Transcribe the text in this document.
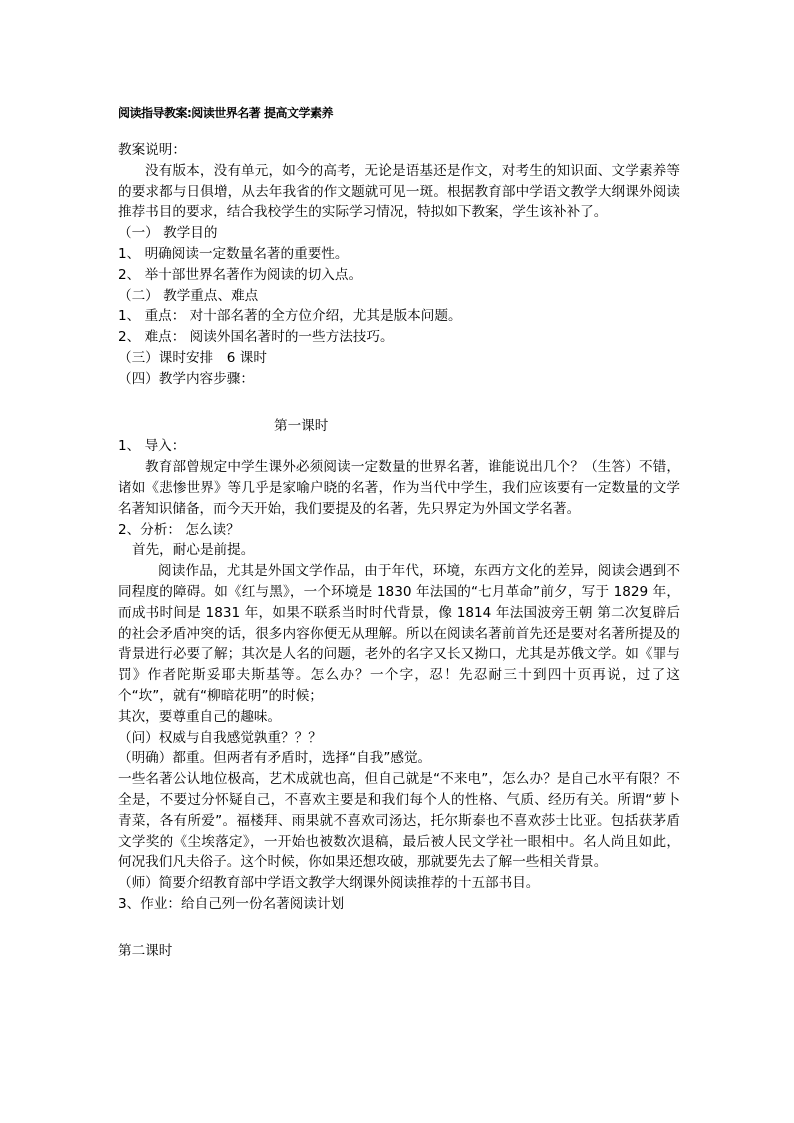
阅读指导教案:阅读世界名著 提高文学素养

教案说明：

没有版本，没有单元，如今的高考，无论是语基还是作文，对考生的知识面、文学素养等的要求都与日俱增，从去年我省的作文题就可见一斑。根据教育部中学语文教学大纲课外阅读推荐书目的要求，结合我校学生的实际学习情况，特拟如下教案，学生该补补了。

（一） 教学目的

1、 明确阅读一定数量名著的重要性。

2、 举十部世界名著作为阅读的切入点。

（二） 教学重点、难点

1、 重点： 对十部名著的全方位介绍，尤其是版本问题。

2、 难点： 阅读外国名著时的一些方法技巧。

（三）课时安排　6 课时

（四）教学内容步骤：

第一课时

1、 导入：

教育部曾规定中学生课外必须阅读一定数量的世界名著，谁能说出几个？（生答）不错，诸如《悲惨世界》等几乎是家喻户晓的名著，作为当代中学生，我们应该要有一定数量的文学名著知识储备，而今天开始，我们要提及的名著，先只界定为外国文学名著。

2、分析： 怎么读？

首先，耐心是前提。

阅读作品，尤其是外国文学作品，由于年代，环境，东西方文化的差异，阅读会遇到不同程度的障碍。如《红与黑》，一个环境是 1830 年法国的“七月革命”前夕，写于 1829 年，而成书时间是 1831 年，如果不联系当时时代背景，像 1814 年法国波旁王朝 第二次复辟后的社会矛盾冲突的话，很多内容你便无从理解。所以在阅读名著前首先还是要对名著所提及的背景进行必要了解；其次是人名的问题，老外的名字又长又拗口，尤其是苏俄文学。如《罪与罚》作者陀斯妥耶夫斯基等。怎么办？一个字，忍！先忍耐三十到四十页再说，过了这个“坎”，就有“柳暗花明”的时候；

其次，要尊重自己的趣味。

（问）权威与自我感觉孰重？？？

（明确）都重。但两者有矛盾时，选择“自我”感觉。

一些名著公认地位极高，艺术成就也高，但自己就是“不来电”，怎么办？是自己水平有限？不全是，不要过分怀疑自己，不喜欢主要是和我们每个人的性格、气质、经历有关。所谓“萝卜青菜，各有所爱”。福楼拜、雨果就不喜欢司汤达，托尔斯泰也不喜欢莎士比亚。包括获茅盾文学奖的《尘埃落定》，一开始也被数次退稿，最后被人民文学社一眼相中。名人尚且如此，何况我们凡夫俗子。这个时候，你如果还想攻破，那就要先去了解一些相关背景。

（师）简要介绍教育部中学语文教学大纲课外阅读推荐的十五部书目。

3、作业：给自己列一份名著阅读计划

第二课时
